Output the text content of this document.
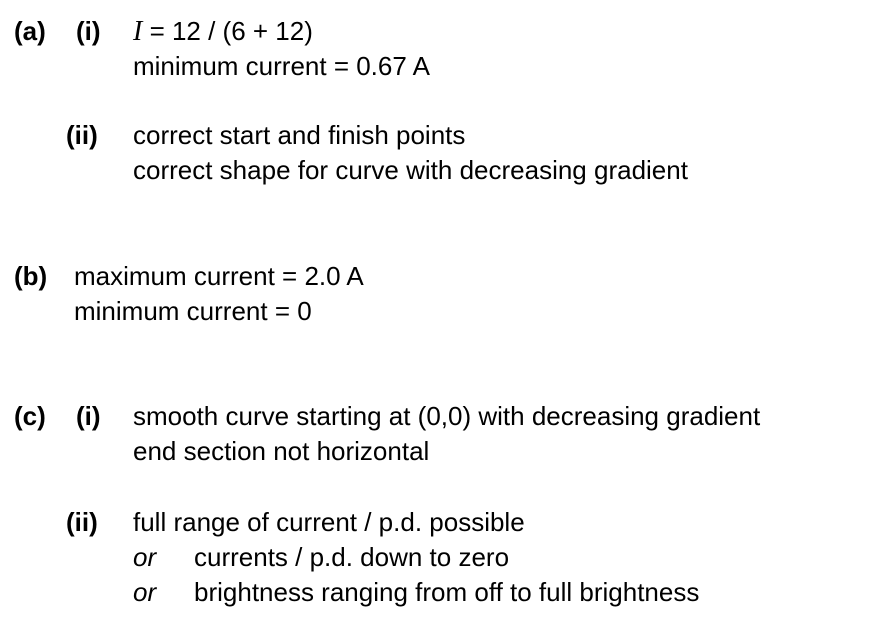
(a) (i) I = 12 / (6 + 12)
minimum current = 0.67 A
(ii) correct start and finish points
correct shape for curve with decreasing gradient
(b) maximum current = 2.0 A
minimum current = 0
(c) (i) smooth curve starting at (0,0) with decreasing gradient
end section not horizontal
(ii) full range of current / p.d. possible
or currents / p.d. down to zero
or brightness ranging from off to full brightness
